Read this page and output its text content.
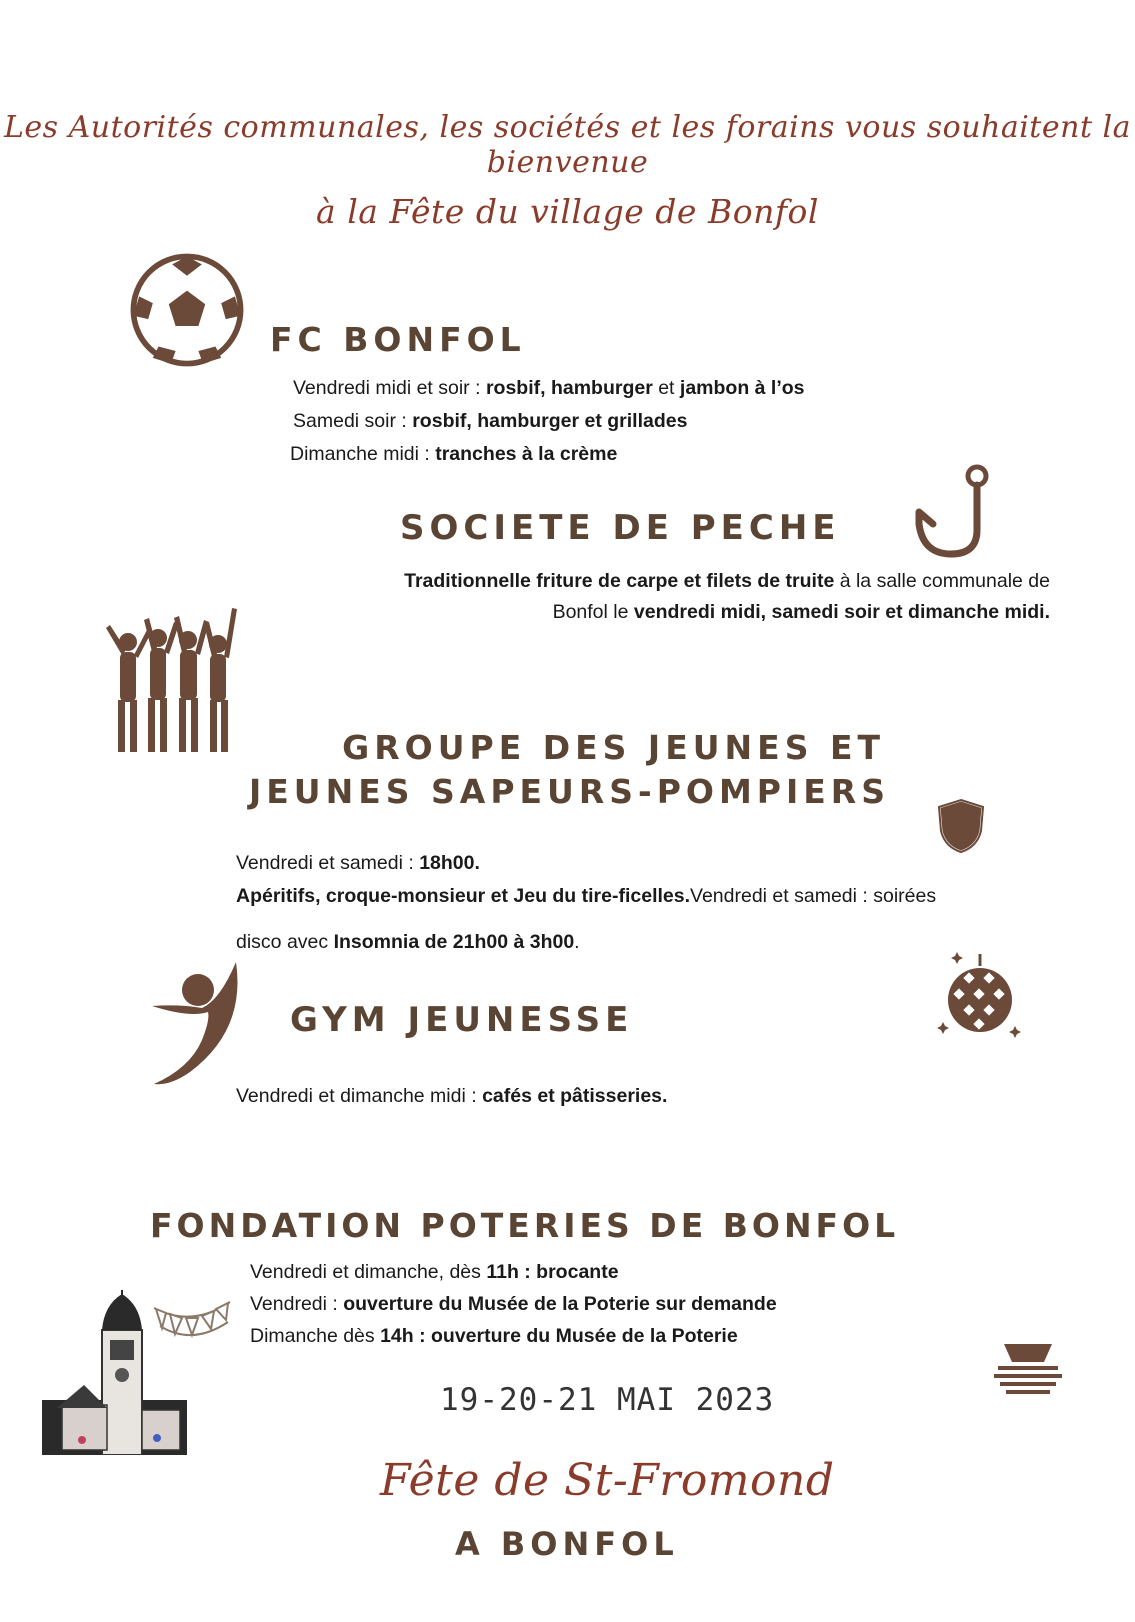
Les Autorités communales, les sociétés et les forains vous souhaitent la bienvenue
à la Fête du village de Bonfol
FC BONFOL
Vendredi midi et soir : rosbif, hamburger et jambon à l’os
Samedi soir : rosbif, hamburger et grillades
Dimanche midi : tranches à la crème
SOCIETE DE PECHE
Traditionnelle friture de carpe et filets de truite à la salle communale de
Bonfol le vendredi midi, samedi soir et dimanche midi.
GROUPE DES JEUNES ET
JEUNES SAPEURS-POMPIERS
Vendredi et samedi : 18h00.
Apéritifs, croque-monsieur et Jeu du tire-ficelles.Vendredi et samedi : soirées
disco avec Insomnia de 21h00 à 3h00.
GYM JEUNESSE
Vendredi et dimanche midi : cafés et pâtisseries.
FONDATION POTERIES DE BONFOL
Vendredi et dimanche, dès 11h : brocante
Vendredi : ouverture du Musée de la Poterie sur demande
Dimanche dès 14h : ouverture du Musée de la Poterie
19-20-21 MAI 2023
Fête de St-Fromond
A BONFOL
